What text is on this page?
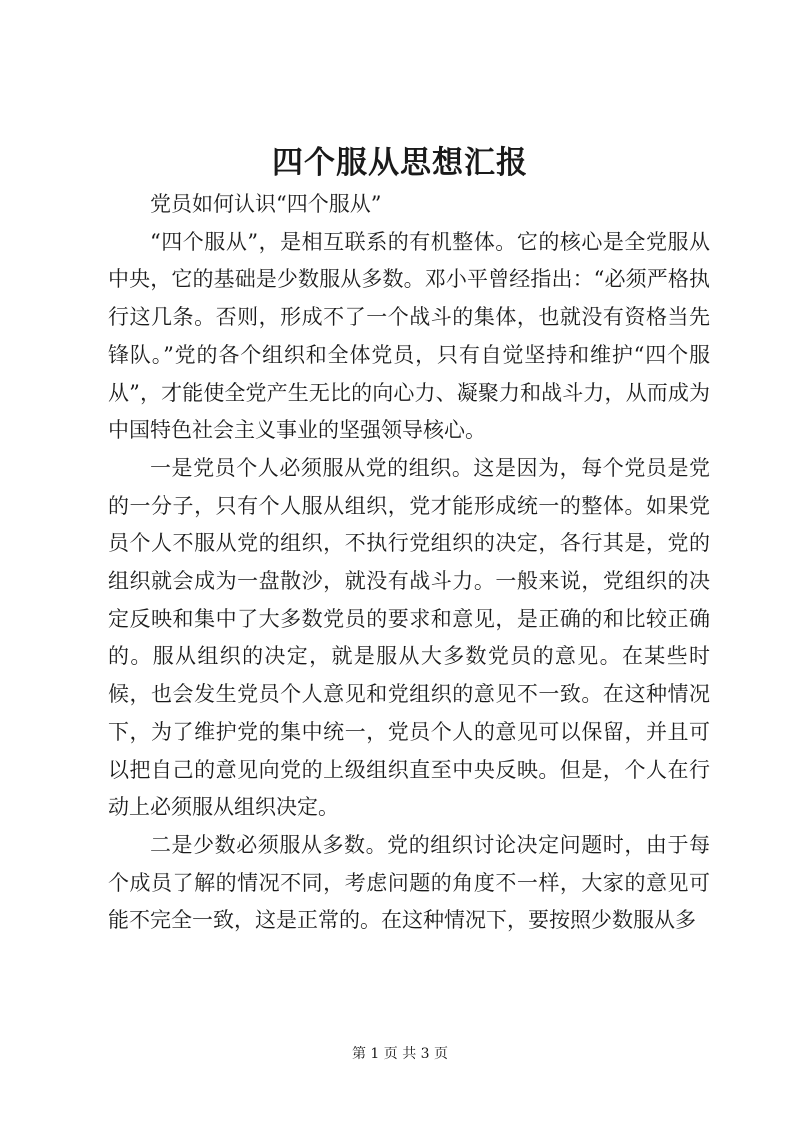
四个服从思想汇报

党员如何认识“四个服从”

“四个服从”，是相互联系的有机整体。它的核心是全党服从中央，它的基础是少数服从多数。邓小平曾经指出：“必须严格执行这几条。否则，形成不了一个战斗的集体，也就没有资格当先锋队。”党的各个组织和全体党员，只有自觉坚持和维护“四个服从”，才能使全党产生无比的向心力、凝聚力和战斗力，从而成为中国特色社会主义事业的坚强领导核心。

一是党员个人必须服从党的组织。这是因为，每个党员是党的一分子，只有个人服从组织，党才能形成统一的整体。如果党员个人不服从党的组织，不执行党组织的决定，各行其是，党的组织就会成为一盘散沙，就没有战斗力。一般来说，党组织的决定反映和集中了大多数党员的要求和意见，是正确的和比较正确的。服从组织的决定，就是服从大多数党员的意见。在某些时候，也会发生党员个人意见和党组织的意见不一致。在这种情况下，为了维护党的集中统一，党员个人的意见可以保留，并且可以把自己的意见向党的上级组织直至中央反映。但是，个人在行动上必须服从组织决定。

二是少数必须服从多数。党的组织讨论决定问题时，由于每个成员了解的情况不同，考虑问题的角度不一样，大家的意见可能不完全一致，这是正常的。在这种情况下，要按照少数服从多

第 1 页 共 3 页
